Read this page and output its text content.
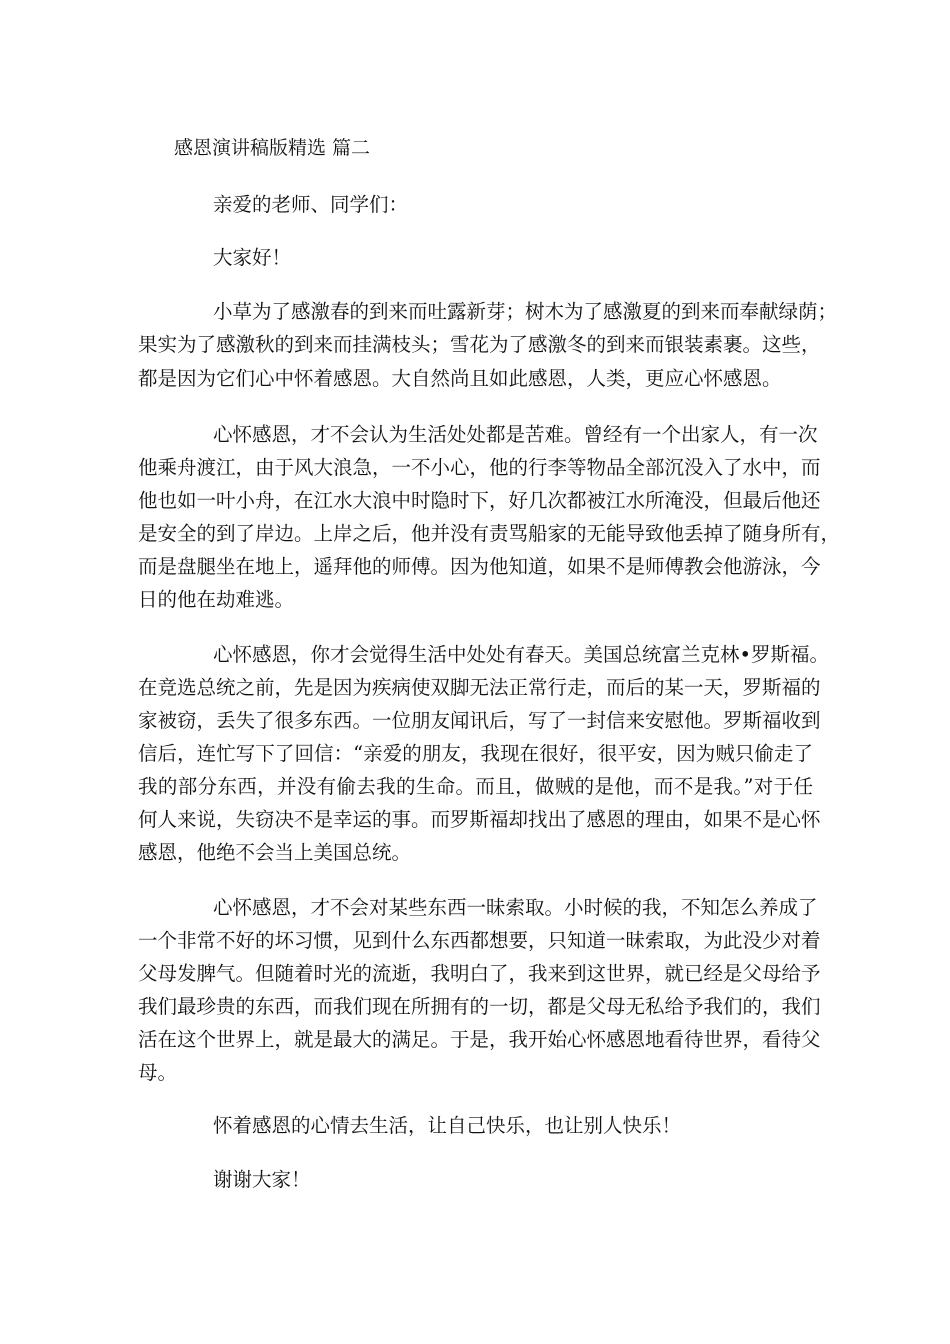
感恩演讲稿版精选 篇二
亲爱的老师、同学们：
大家好！
小草为了感激春的到来而吐露新芽；树木为了感激夏的到来而奉献绿荫；
果实为了感激秋的到来而挂满枝头；雪花为了感激冬的到来而银装素裹。这些，
都是因为它们心中怀着感恩。大自然尚且如此感恩，人类，更应心怀感恩。
心怀感恩，才不会认为生活处处都是苦难。曾经有一个出家人，有一次
他乘舟渡江，由于风大浪急，一不小心，他的行李等物品全部沉没入了水中，而
他也如一叶小舟，在江水大浪中时隐时下，好几次都被江水所淹没，但最后他还
是安全的到了岸边。上岸之后，他并没有责骂船家的无能导致他丢掉了随身所有，
而是盘腿坐在地上，遥拜他的师傅。因为他知道，如果不是师傅教会他游泳，今
日的他在劫难逃。
心怀感恩，你才会觉得生活中处处有春天。美国总统富兰克林•罗斯福。
在竞选总统之前，先是因为疾病使双脚无法正常行走，而后的某一天，罗斯福的
家被窃，丢失了很多东西。一位朋友闻讯后，写了一封信来安慰他。罗斯福收到
信后，连忙写下了回信：“亲爱的朋友，我现在很好，很平安，因为贼只偷走了
我的部分东西，并没有偷去我的生命。而且，做贼的是他，而不是我。”对于任
何人来说，失窃决不是幸运的事。而罗斯福却找出了感恩的理由，如果不是心怀
感恩，他绝不会当上美国总统。
心怀感恩，才不会对某些东西一昧索取。小时候的我，不知怎么养成了
一个非常不好的坏习惯，见到什么东西都想要，只知道一昧索取，为此没少对着
父母发脾气。但随着时光的流逝，我明白了，我来到这世界，就已经是父母给予
我们最珍贵的东西，而我们现在所拥有的一切，都是父母无私给予我们的，我们
活在这个世界上，就是最大的满足。于是，我开始心怀感恩地看待世界，看待父
母。
怀着感恩的心情去生活，让自己快乐，也让别人快乐！
谢谢大家！
